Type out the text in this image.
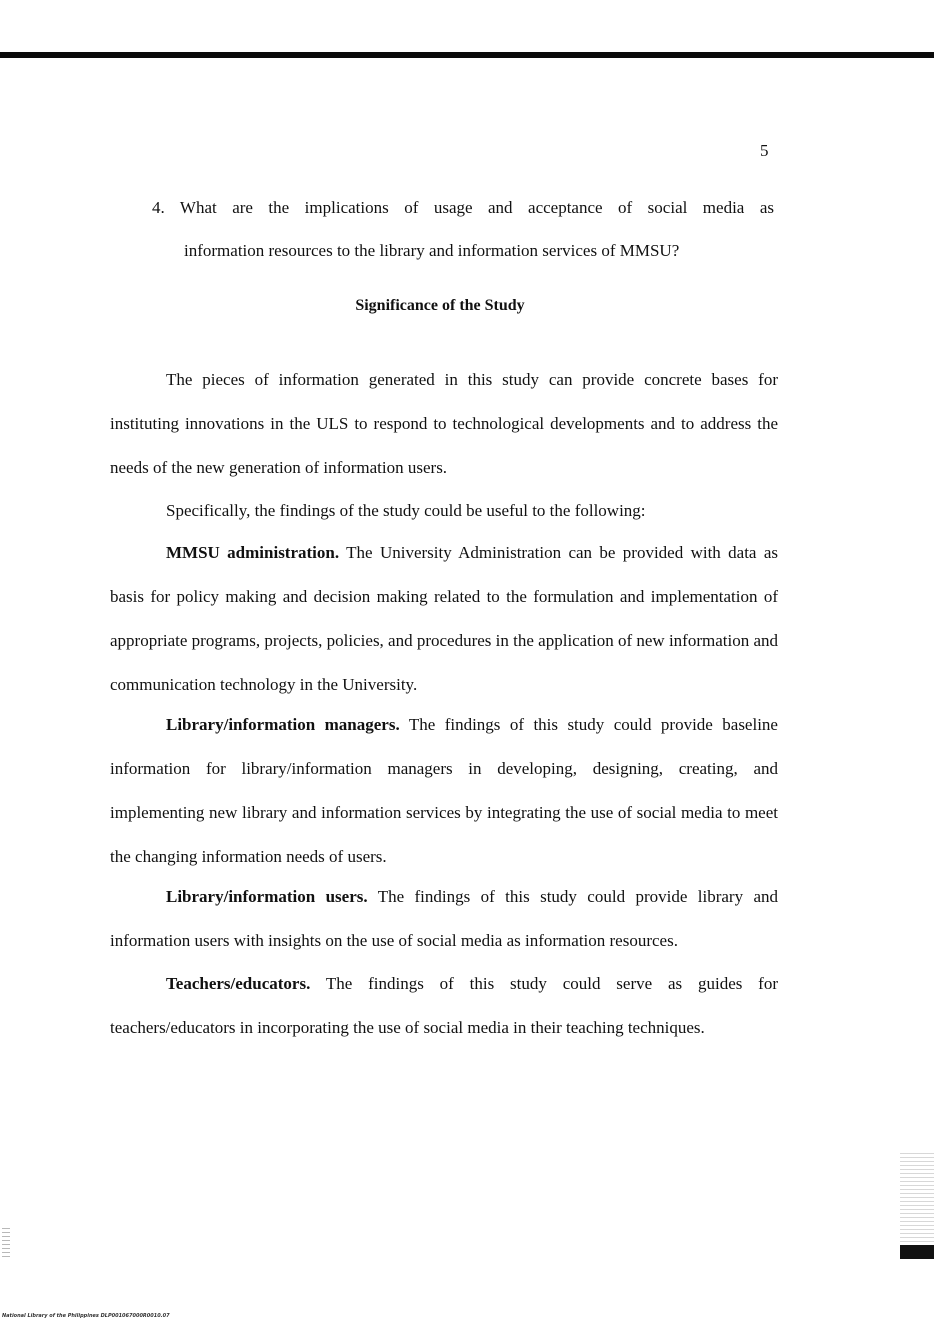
5
4. What are the implications of usage and acceptance of social media as
information resources to the library and information services of MMSU?
Significance of the Study

The pieces of information generated in this study can provide concrete bases for instituting innovations in the ULS to respond to technological developments and to address the needs of the new generation of information users.

Specifically, the findings of the study could be useful to the following:

MMSU administration. The University Administration can be provided with data as basis for policy making and decision making related to the formulation and implementation of appropriate programs, projects, policies, and procedures in the application of new information and communication technology in the University.

Library/information managers. The findings of this study could provide baseline information for library/information managers in developing, designing, creating, and implementing new library and information services by integrating the use of social media to meet the changing information needs of users.

Library/information users. The findings of this study could provide library and information users with insights on the use of social media as information resources.

Teachers/educators. The findings of this study could serve as guides for teachers/educators in incorporating the use of social media in their teaching techniques.

National Library of the Philippines DLP001067000R0010.07
